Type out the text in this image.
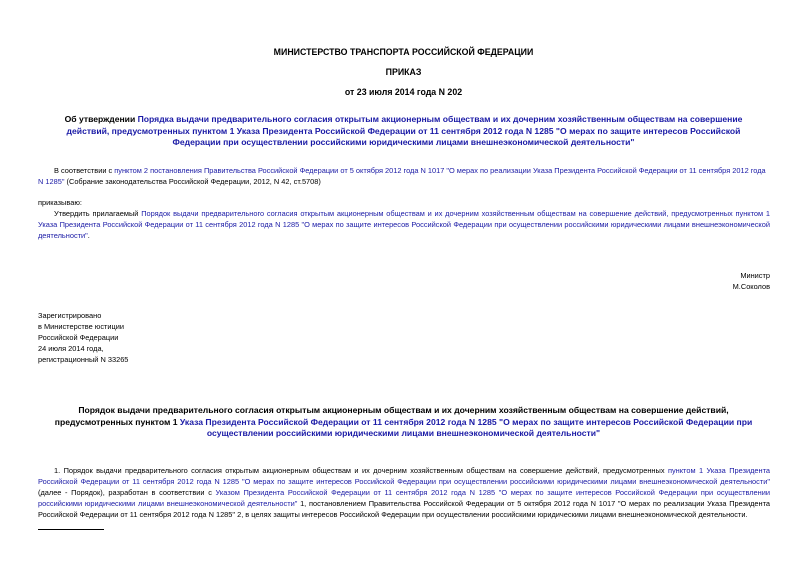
МИНИСТЕРСТВО ТРАНСПОРТА РОССИЙСКОЙ ФЕДЕРАЦИИ
ПРИКАЗ
от 23 июля 2014 года N 202
Об утверждении Порядка выдачи предварительного согласия открытым акционерным обществам и их дочерним хозяйственным обществам на совершение действий, предусмотренных пунктом 1 Указа Президента Российской Федерации от 11 сентября 2012 года N 1285 "О мерах по защите интересов Российской Федерации при осуществлении российскими юридическими лицами внешнеэкономической деятельности"
В соответствии с пунктом 2 постановления Правительства Российской Федерации от 5 октября 2012 года N 1017 "О мерах по реализации Указа Президента Российской Федерации от 11 сентября 2012 года N 1285" (Собрание законодательства Российской Федерации, 2012, N 42, ст.5708)
приказываю:
Утвердить прилагаемый Порядок выдачи предварительного согласия открытым акционерным обществам и их дочерним хозяйственным обществам на совершение действий, предусмотренных пунктом 1 Указа Президента Российской Федерации от 11 сентября 2012 года N 1285 "О мерах по защите интересов Российской Федерации при осуществлении российскими юридическими лицами внешнеэкономической деятельности".
Министр
М.Соколов
Зарегистрировано
в Министерстве юстиции
Российской Федерации
24 июля 2014 года,
регистрационный N 33265
Порядок выдачи предварительного согласия открытым акционерным обществам и их дочерним хозяйственным обществам на совершение действий, предусмотренных пунктом 1 Указа Президента Российской Федерации от 11 сентября 2012 года N 1285 "О мерах по защите интересов Российской Федерации при осуществлении российскими юридическими лицами внешнеэкономической деятельности"
1. Порядок выдачи предварительного согласия открытым акционерным обществам и их дочерним хозяйственным обществам на совершение действий, предусмотренных пунктом 1 Указа Президента Российской Федерации от 11 сентября 2012 года N 1285 "О мерах по защите интересов Российской Федерации при осуществлении российскими юридическими лицами внешнеэкономической деятельности" (далее - Порядок), разработан в соответствии с Указом Президента Российской Федерации от 11 сентября 2012 года N 1285 "О мерах по защите интересов Российской Федерации при осуществлении российскими юридическими лицами внешнеэкономической деятельности" 1, постановлением Правительства Российской Федерации от 5 октября 2012 года N 1017 "О мерах по реализации Указа Президента Российской Федерации от 11 сентября 2012 года N 1285" 2, в целях защиты интересов Российской Федерации при осуществлении российскими юридическими лицами внешнеэкономической деятельности.
